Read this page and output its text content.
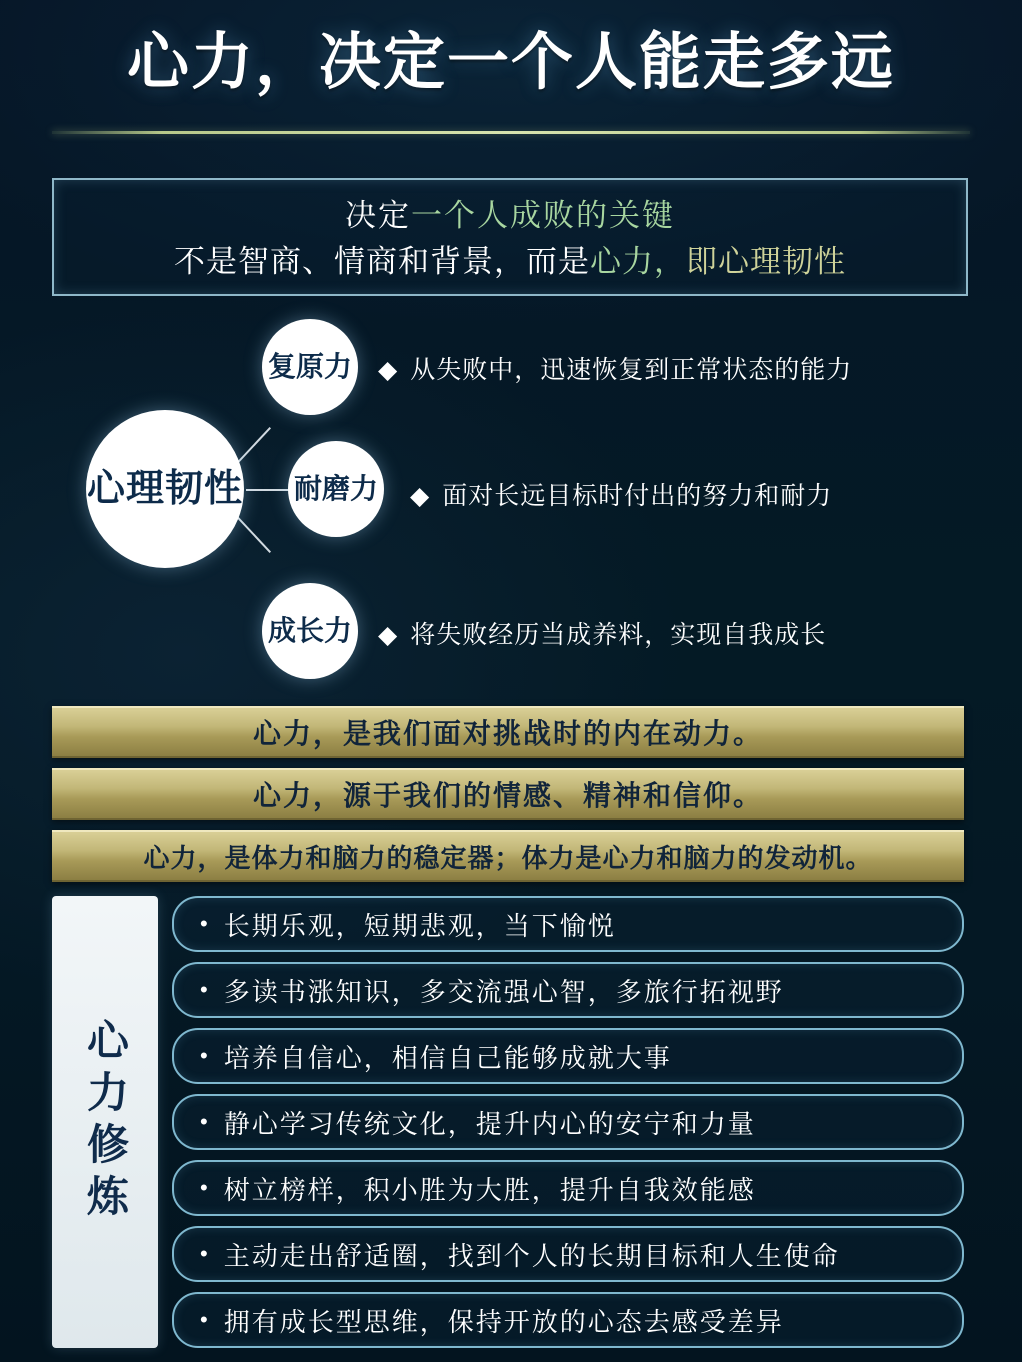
心力，决定一个人能走多远
决定一个人成败的关键
不是智商、情商和背景，而是心力，即心理韧性
心理韧性
复原力
耐磨力
成长力
◆ 从失败中，迅速恢复到正常状态的能力
◆ 面对长远目标时付出的努力和耐力
◆ 将失败经历当成养料，实现自我成长
心力，是我们面对挑战时的内在动力。
心力，源于我们的情感、精神和信仰。
心力，是体力和脑力的稳定器；体力是心力和脑力的发动机。
心力修炼
• 长期乐观，短期悲观，当下愉悦
• 多读书涨知识，多交流强心智，多旅行拓视野
• 培养自信心，相信自己能够成就大事
• 静心学习传统文化，提升内心的安宁和力量
• 树立榜样，积小胜为大胜，提升自我效能感
• 主动走出舒适圈，找到个人的长期目标和人生使命
• 拥有成长型思维，保持开放的心态去感受差异
